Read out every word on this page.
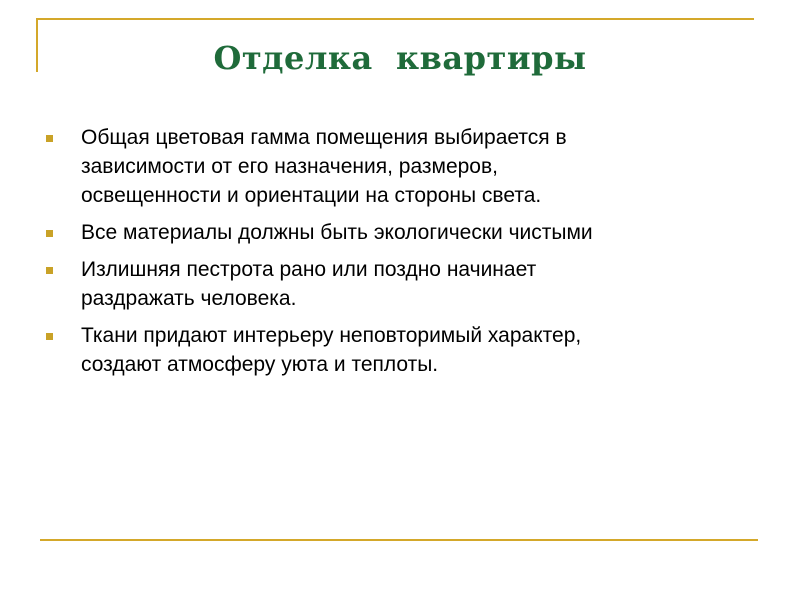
Отделка  квартиры
Общая цветовая гамма помещения выбирается в
зависимости от его назначения, размеров,
освещенности и ориентации на стороны света.
Все материалы должны быть экологически чистыми
Излишняя пестрота рано или поздно начинает
раздражать человека.
Ткани придают интерьеру неповторимый характер,
создают атмосферу уюта и теплоты.
